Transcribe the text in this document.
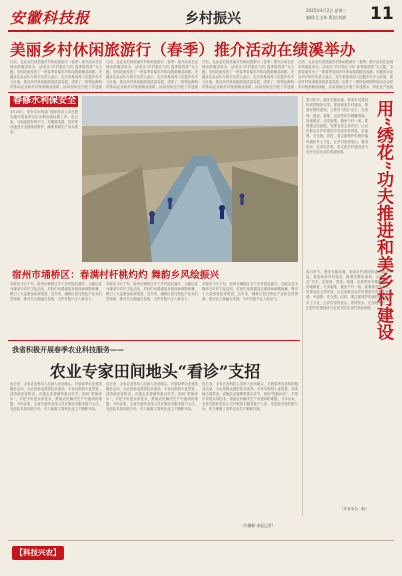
安徽科技报	乡村振兴
2025年4月2日 星期三
编辑:汪文伟 策划:刘斌 11
美丽乡村休闲旅游行（春季）推介活动在绩溪举办
日前，农业农村部美丽乡村休闲旅游行（春季）推介活动在宣城市绩溪县举办，活动以“乡村游正当时 春季踏青游”为主题，全国各地发布了一批春季美丽乡村休闲旅游精品线路。安徽省农业农村厅相关负责人表示，近年来我省深入挖掘乡村多元价值，推动乡村休闲旅游高质量发展，培育了一批特色鲜明的休闲农业和乡村旅游精品线路，活动现场还开展了非遗展
日前，农业农村部美丽乡村休闲旅游行（春季）推介活动在宣城市绩溪县举办，活动以“乡村游正当时 春季踏青游”为主题，全国各地发布了一批春季美丽乡村休闲旅游精品线路。安徽省农业农村厅相关负责人表示，近年来我省深入挖掘乡村多元价值，推动乡村休闲旅游高质量发展，培育了一批特色鲜明的休闲农业和乡村旅游精品线路，活动现场还开展了非遗展
日前，农业农村部美丽乡村休闲旅游行（春季）推介活动在宣城市绩溪县举办，活动以“乡村游正当时 春季踏青游”为主题，全国各地发布了一批春季美丽乡村休闲旅游精品线路。安徽省农业农村厅相关负责人表示，近年来我省深入挖掘乡村多元价值，推动乡村休闲旅游高质量发展，培育了一批特色鲜明的休闲农业和乡村旅游精品线路，活动现场还开展了非遗展
日前，农业农村部美丽乡村休闲旅游行（春季）推介活动在宣城市绩溪县举办，活动以“乡村游正当时 春季踏青游”为主题，全国各地发布了一批春季美丽乡村休闲旅游精品线路。安徽省农业农村厅相关负责人表示，近年来我省深入挖掘乡村多元价值，推动乡村休闲旅游高质量发展，培育了一批特色鲜明的休闲农业和乡村旅游精品线路，活动现场还开展了非遗展示、特色农产品展
春修水利保安全
3月20日，来安县水利部门组织技术人员在施官镇开展春季农田水利设施检修工作。连日来，当地抢抓有利天气，对灌溉渠道、泵站等设施进行全面排查维护，确保春耕生产用水需求。
春日时节，漫步安徽各地，和美乡村建设的成效随处可见。推进和美乡村建设，既要有整体谋划，又要有“绣花”功夫，在规划、建设、管理、运营等环节精雕细琢，因地制宜、分类施策，避免千村一面。要尊重农民意愿，发挥农民主体作用，让农民群众在乡村建设中有更多获得感、幸福感、安全感。同时，要注重保护传统村落风貌和乡土文化，让乡村望得见山、看得见水、记得住乡愁，真正把乡村建设成为农民安居乐业的美丽家园。	用“绣花”功夫推进和美乡村建设
春日时节，漫步安徽各地，和美乡村建设的成效随处可见。推进和美乡村建设，既要有整体谋划，又要有“绣花”功夫，在规划、建设、管理、运营等环节精雕细琢，因地制宜、分类施策，避免千村一面。要尊重农民意愿，发挥农民主体作用，让农民群众在乡村建设中有更多获得感、幸福感、安全感。同时，要注重保护传统村落风貌和乡土文化，让乡村望得见山、看得见水、记得住乡愁，真正把乡村建设成为农民安居乐业的美丽家园。
（作者单位：略）
宿州市埇桥区：春满村杆桃灼灼 舞韵乡风绘振兴
本报讯 3月下旬，宿州市埇桥区多个乡村桃花盛开，当地以花为媒举办乡村文化活动，村民们身着盛装在桃林间载歌载舞，吸引了大量游客前来观赏。近年来，埇桥区依托特色产业和自然资源，推动农文旅融合发展，为乡村振兴注入新活力。
本报讯 3月下旬，宿州市埇桥区多个乡村桃花盛开，当地以花为媒举办乡村文化活动，村民们身着盛装在桃林间载歌载舞，吸引了大量游客前来观赏。近年来，埇桥区依托特色产业和自然资源，推动农文旅融合发展，为乡村振兴注入新活力。
本报讯 3月下旬，宿州市埇桥区多个乡村桃花盛开，当地以花为媒举办乡村文化活动，村民们身着盛装在桃林间载歌载舞，吸引了大量游客前来观赏。近年来，埇桥区依托特色产业和自然资源，推动农文旅融合发展，为乡村振兴注入新活力。
我省积极开展春季农业科技服务——
农业专家田间地头“看诊”支招
连日来，全省农业科技人员深入田间地头，开展春季农业科技服务活动，为农民群众提供技术指导。专家们围绕小麦春管、油菜病虫害防治、设施农业管理等重点环节，现场“把脉问诊”，手把手传授实用技术，帮助农民解决生产中遇到的难题。今年以来，全省共组织农技人员开展技术服务数千人次，发放技术资料数万份，有力保障了春季农业生产顺利开展。
连日来，全省农业科技人员深入田间地头，开展春季农业科技服务活动，为农民群众提供技术指导。专家们围绕小麦春管、油菜病虫害防治、设施农业管理等重点环节，现场“把脉问诊”，手把手传授实用技术，帮助农民解决生产中遇到的难题。今年以来，全省共组织农技人员开展技术服务数千人次，发放技术资料数万份，有力保障了春季农业生产顺利开展。
连日来，全省农业科技人员深入田间地头，开展春季农业科技服务活动，为农民群众提供技术指导。专家们围绕小麦春管、油菜病虫害防治、设施农业管理等重点环节，现场“把脉问诊”，手把手传授实用技术，帮助农民解决生产中遇到的难题。今年以来，全省共组织农技人员开展技术服务数千人次，发放技术资料数万份，有力保障了春季农业生产顺利开展。
（许姗姗 本报记者）
【科技兴农】
